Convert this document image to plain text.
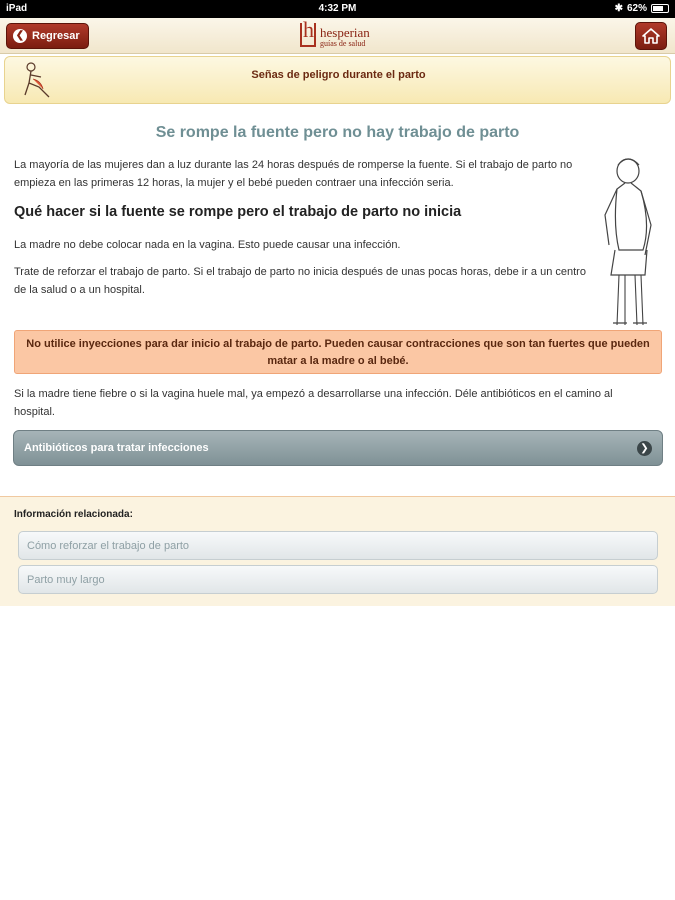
iPad	4:32 PM	✱ 62%
❮ Regresar
h	hesperian
guías de salud
Señas de peligro durante el parto
Se rompe la fuente pero no hay trabajo de parto
La mayoría de las mujeres dan a luz durante las 24 horas después de romperse la fuente. Si el trabajo de parto no empieza en las primeras 12 horas, la mujer y el bebé pueden contraer una infección seria.
Qué hacer si la fuente se rompe pero el trabajo de parto no inicia
La madre no debe colocar nada en la vagina. Esto puede causar una infección.
Trate de reforzar el trabajo de parto. Si el trabajo de parto no inicia después de unas pocas horas, debe ir a un centro de la salud o a un hospital.
No utilice inyecciones para dar inicio al trabajo de parto. Pueden causar contracciones que son tan fuertes que pueden matar a la madre o al bebé.
Si la madre tiene fiebre o si la vagina huele mal, ya empezó a desarrollarse una infección. Déle antibióticos en el camino al hospital.
Antibióticos para tratar infecciones	❯
Información relacionada:
Cómo reforzar el trabajo de parto
Parto muy largo
